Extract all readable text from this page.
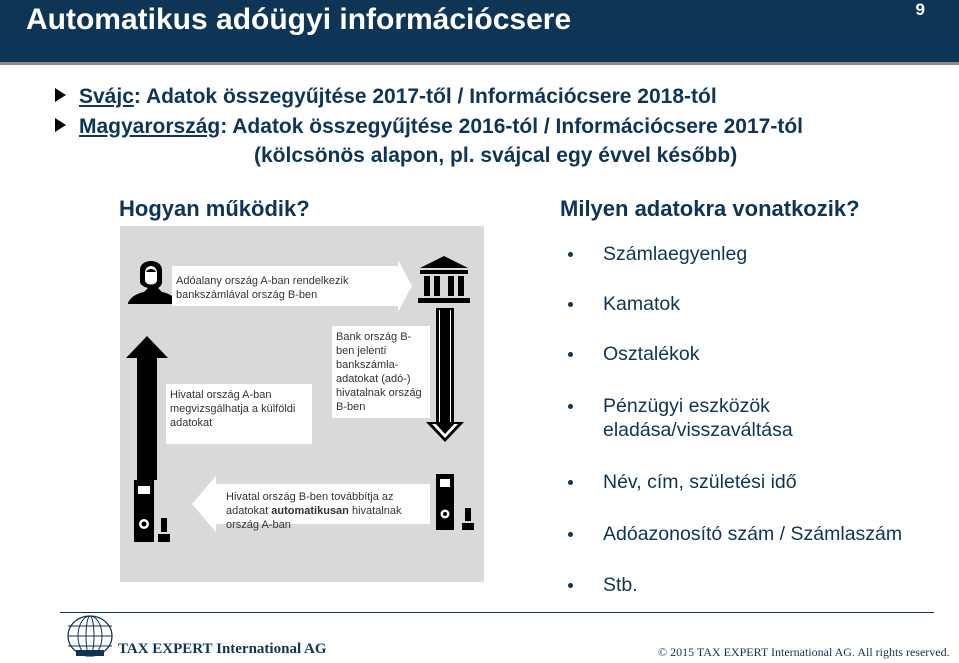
Automatikus adóügyi információcsere	9
Svájc: Adatok összegyűjtése 2017-től / Információcsere 2018-tól
Magyarország: Adatok összegyűjtése 2016-tól / Információcsere 2017-tól
(kölcsönös alapon, pl. svájcal egy évvel később)
Hogyan működik?	Milyen adatokra vonatkozik?
Adóalany ország A-ban rendelkezik bankszámlával ország B-ben
Bank ország B-ben jelenti bankszámla-adatokat (adó-) hivatalnak ország B-ben
Hivatal ország A-ban megvizsgálhatja a külföldi adatokat
Hivatal ország B-ben továbbítja az adatokat automatikusan hivatalnak ország A-ban
Számlaegyenleg
Kamatok
Osztalékok
Pénzügyi eszközök eladása/visszaváltása
Név, cím, születési idő
Adóazonosító szám / Számlaszám
Stb.
TAX EXPERT International AG	© 2015 TAX EXPERT International AG. All rights reserved.
